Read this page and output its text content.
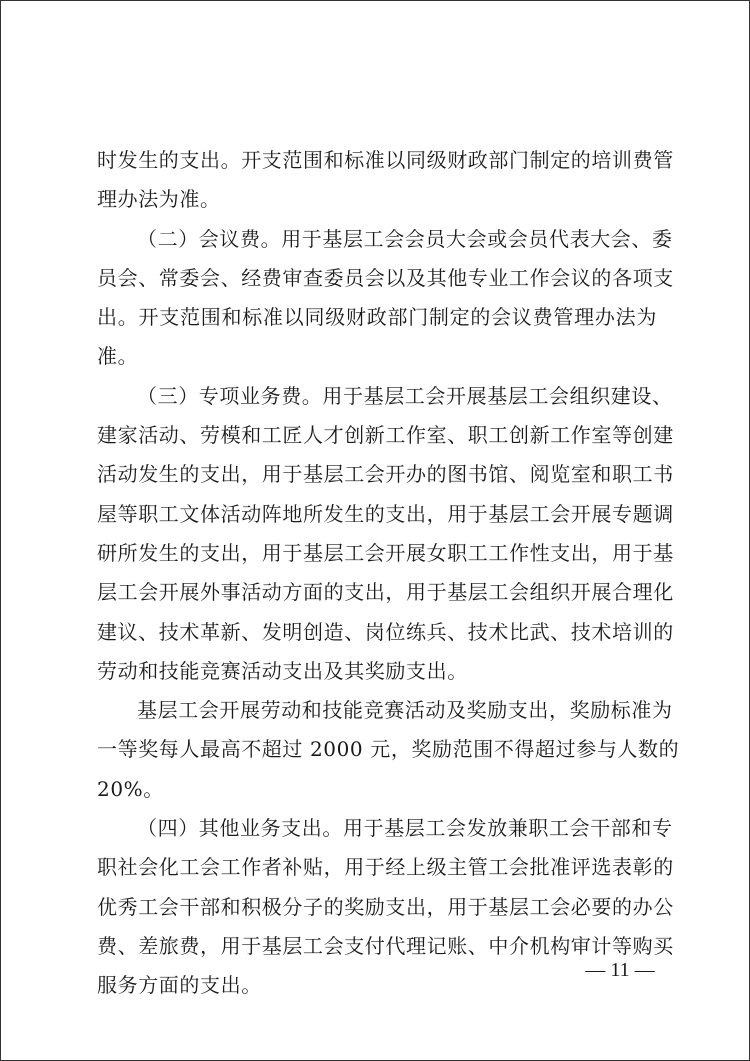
时发生的支出。开支范围和标准以同级财政部门制定的培训费管
理办法为准。
（二）会议费。用于基层工会会员大会或会员代表大会、委
员会、常委会、经费审查委员会以及其他专业工作会议的各项支
出。开支范围和标准以同级财政部门制定的会议费管理办法为
准。
（三）专项业务费。用于基层工会开展基层工会组织建设、
建家活动、劳模和工匠人才创新工作室、职工创新工作室等创建
活动发生的支出，用于基层工会开办的图书馆、阅览室和职工书
屋等职工文体活动阵地所发生的支出，用于基层工会开展专题调
研所发生的支出，用于基层工会开展女职工工作性支出，用于基
层工会开展外事活动方面的支出，用于基层工会组织开展合理化
建议、技术革新、发明创造、岗位练兵、技术比武、技术培训的
劳动和技能竞赛活动支出及其奖励支出。
基层工会开展劳动和技能竞赛活动及奖励支出，奖励标准为
一等奖每人最高不超过 2000 元，奖励范围不得超过参与人数的
20%。
（四）其他业务支出。用于基层工会发放兼职工会干部和专
职社会化工会工作者补贴，用于经上级主管工会批准评选表彰的
优秀工会干部和积极分子的奖励支出，用于基层工会必要的办公
费、差旅费，用于基层工会支付代理记账、中介机构审计等购买
服务方面的支出。
— 11 —
